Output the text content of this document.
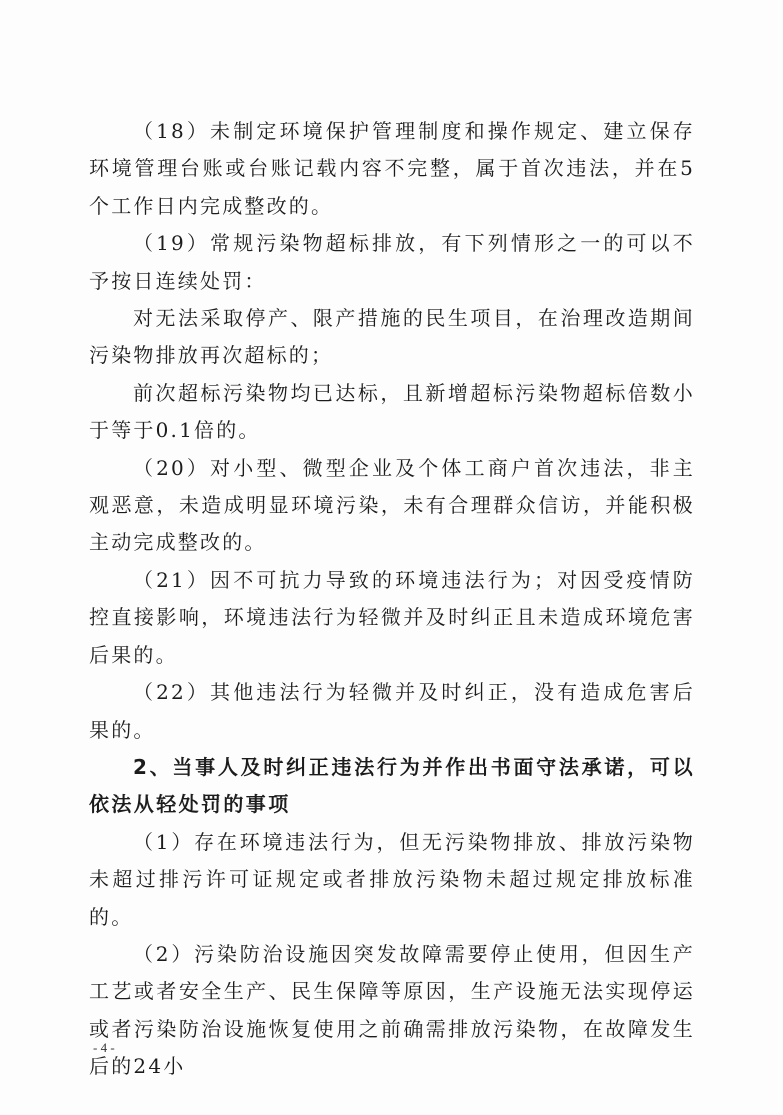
（18）未制定环境保护管理制度和操作规定、建立保存环境管理台账或台账记载内容不完整，属于首次违法，并在5个工作日内完成整改的。

（19）常规污染物超标排放，有下列情形之一的可以不予按日连续处罚：

对无法采取停产、限产措施的民生项目，在治理改造期间污染物排放再次超标的；

前次超标污染物均已达标，且新增超标污染物超标倍数小于等于0.1倍的。

（20）对小型、微型企业及个体工商户首次违法，非主观恶意，未造成明显环境污染，未有合理群众信访，并能积极主动完成整改的。

（21）因不可抗力导致的环境违法行为；对因受疫情防控直接影响，环境违法行为轻微并及时纠正且未造成环境危害后果的。

（22）其他违法行为轻微并及时纠正，没有造成危害后果的。

2、当事人及时纠正违法行为并作出书面守法承诺，可以依法从轻处罚的事项

（1）存在环境违法行为，但无污染物排放、排放污染物未超过排污许可证规定或者排放污染物未超过规定排放标准的。

（2）污染防治设施因突发故障需要停止使用，但因生产工艺或者安全生产、民生保障等原因，生产设施无法实现停运或者污染防治设施恢复使用之前确需排放污染物，在故障发生后的24小

- 4 -
